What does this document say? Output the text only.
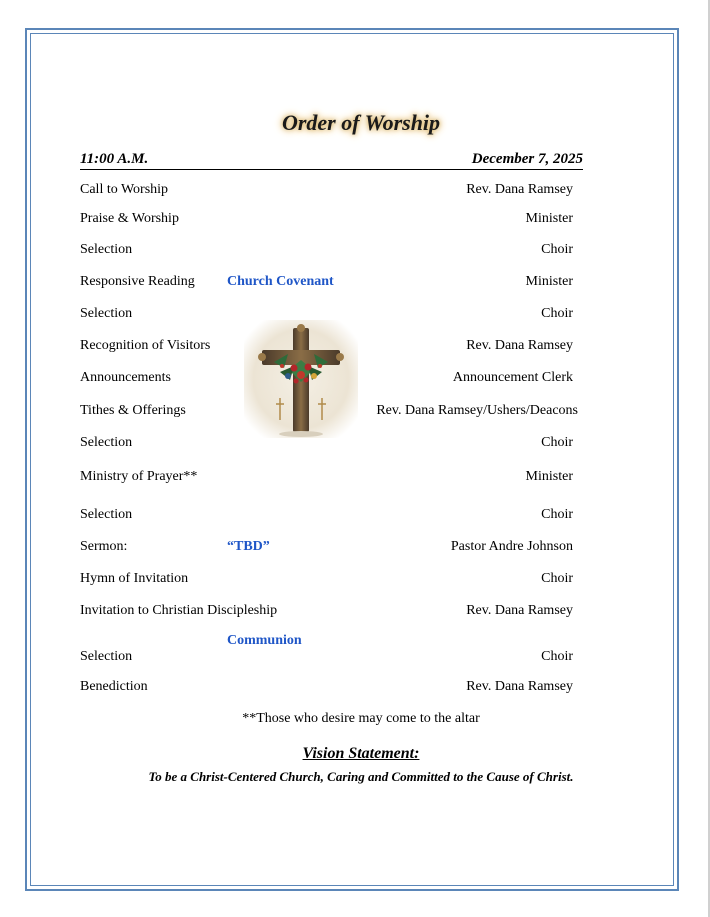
Order of Worship
11:00 A.M.	December 7, 2025
Call to Worship	Rev. Dana Ramsey
Praise & Worship	Minister
Selection	Choir
Responsive Reading Church Covenant	Minister
Selection	Choir
Recognition of Visitors	Rev. Dana Ramsey
Announcements	Announcement Clerk
Tithes & Offerings	Rev. Dana Ramsey/Ushers/Deacons
Selection	Choir
Ministry of Prayer**	Minister
Selection	Choir
Sermon:	“TBD”	Pastor Andre Johnson
Hymn of Invitation	Choir
Invitation to Christian Discipleship	Rev. Dana Ramsey
Communion
Selection	Choir
Benediction	Rev. Dana Ramsey
**Those who desire may come to the altar
Vision Statement:
To be a Christ-Centered Church, Caring and Committed to the Cause of Christ.
